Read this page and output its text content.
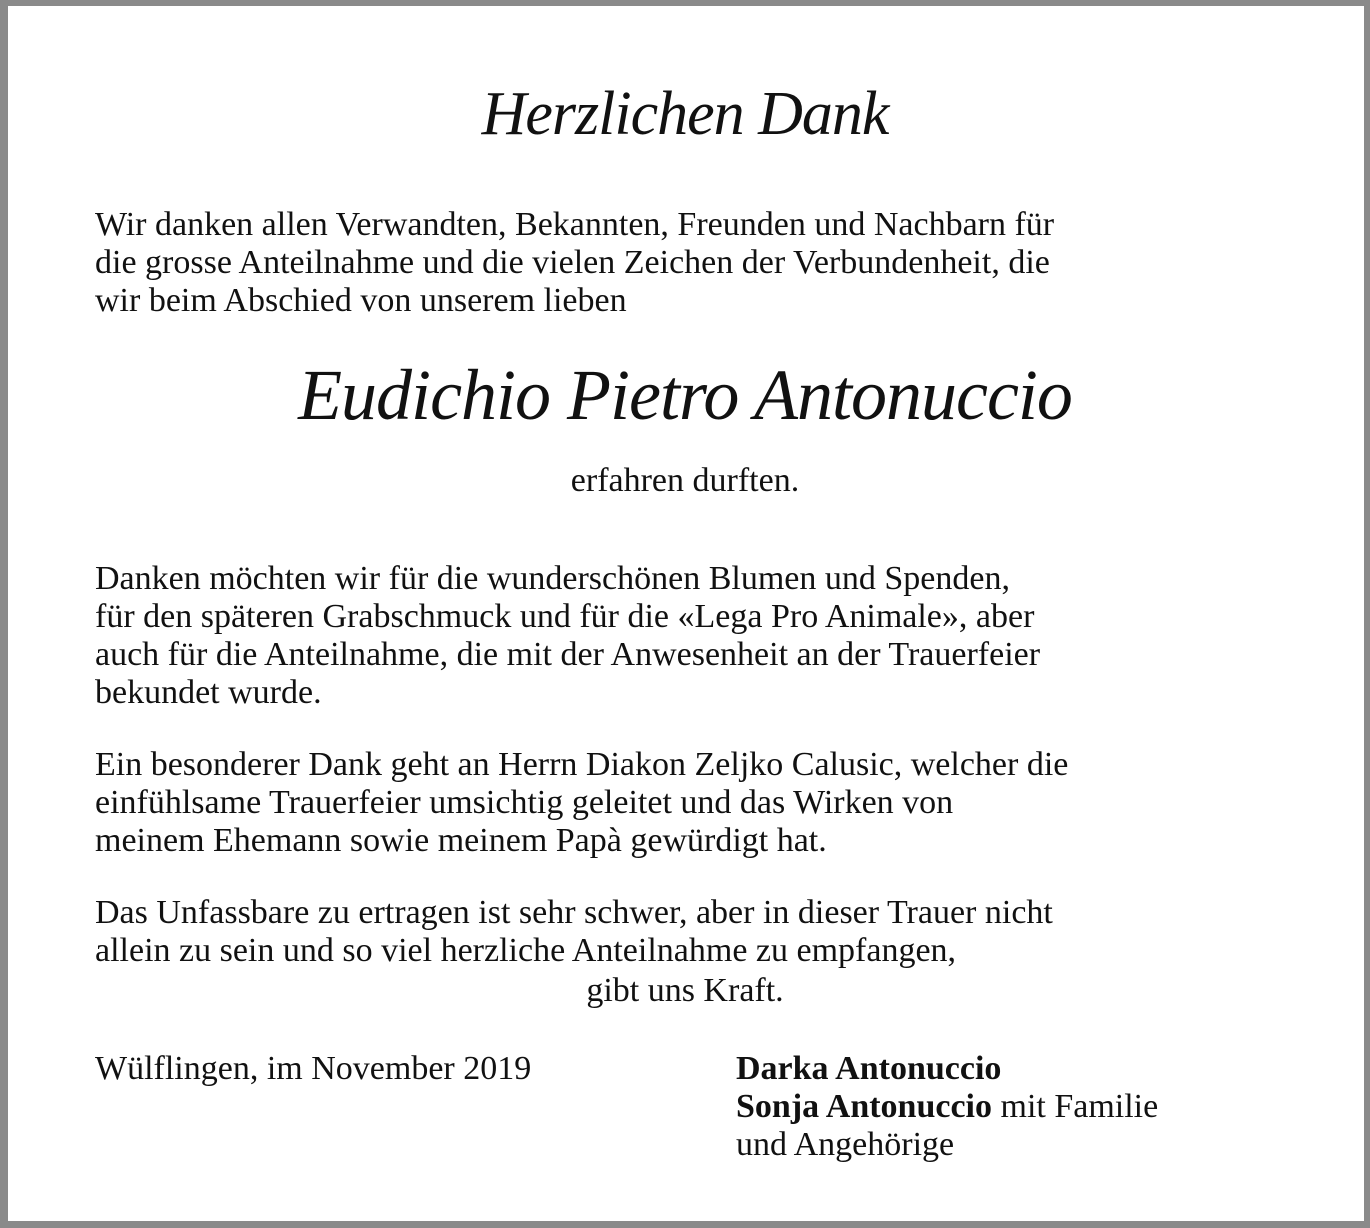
Herzlichen Dank

Wir danken allen Verwandten, Bekannten, Freunden und Nachbarn für
die grosse Anteilnahme und die vielen Zeichen der Verbundenheit, die
wir beim Abschied von unserem lieben

Eudichio Pietro Antonuccio
erfahren durften.

Danken möchten wir für die wunderschönen Blumen und Spenden,
für den späteren Grabschmuck und für die «Lega Pro Animale», aber
auch für die Anteilnahme, die mit der Anwesenheit an der Trauerfeier
bekundet wurde.

Ein besonderer Dank geht an Herrn Diakon Zeljko Calusic, welcher die
einfühlsame Trauerfeier umsichtig geleitet und das Wirken von
meinem Ehemann sowie meinem Papà gewürdigt hat.

Das Unfassbare zu ertragen ist sehr schwer, aber in dieser Trauer nicht
allein zu sein und so viel herzliche Anteilnahme zu empfangen,

gibt uns Kraft.
Wülflingen, im November 2019	Darka Antonuccio
Sonja Antonuccio mit Familie
und Angehörige
